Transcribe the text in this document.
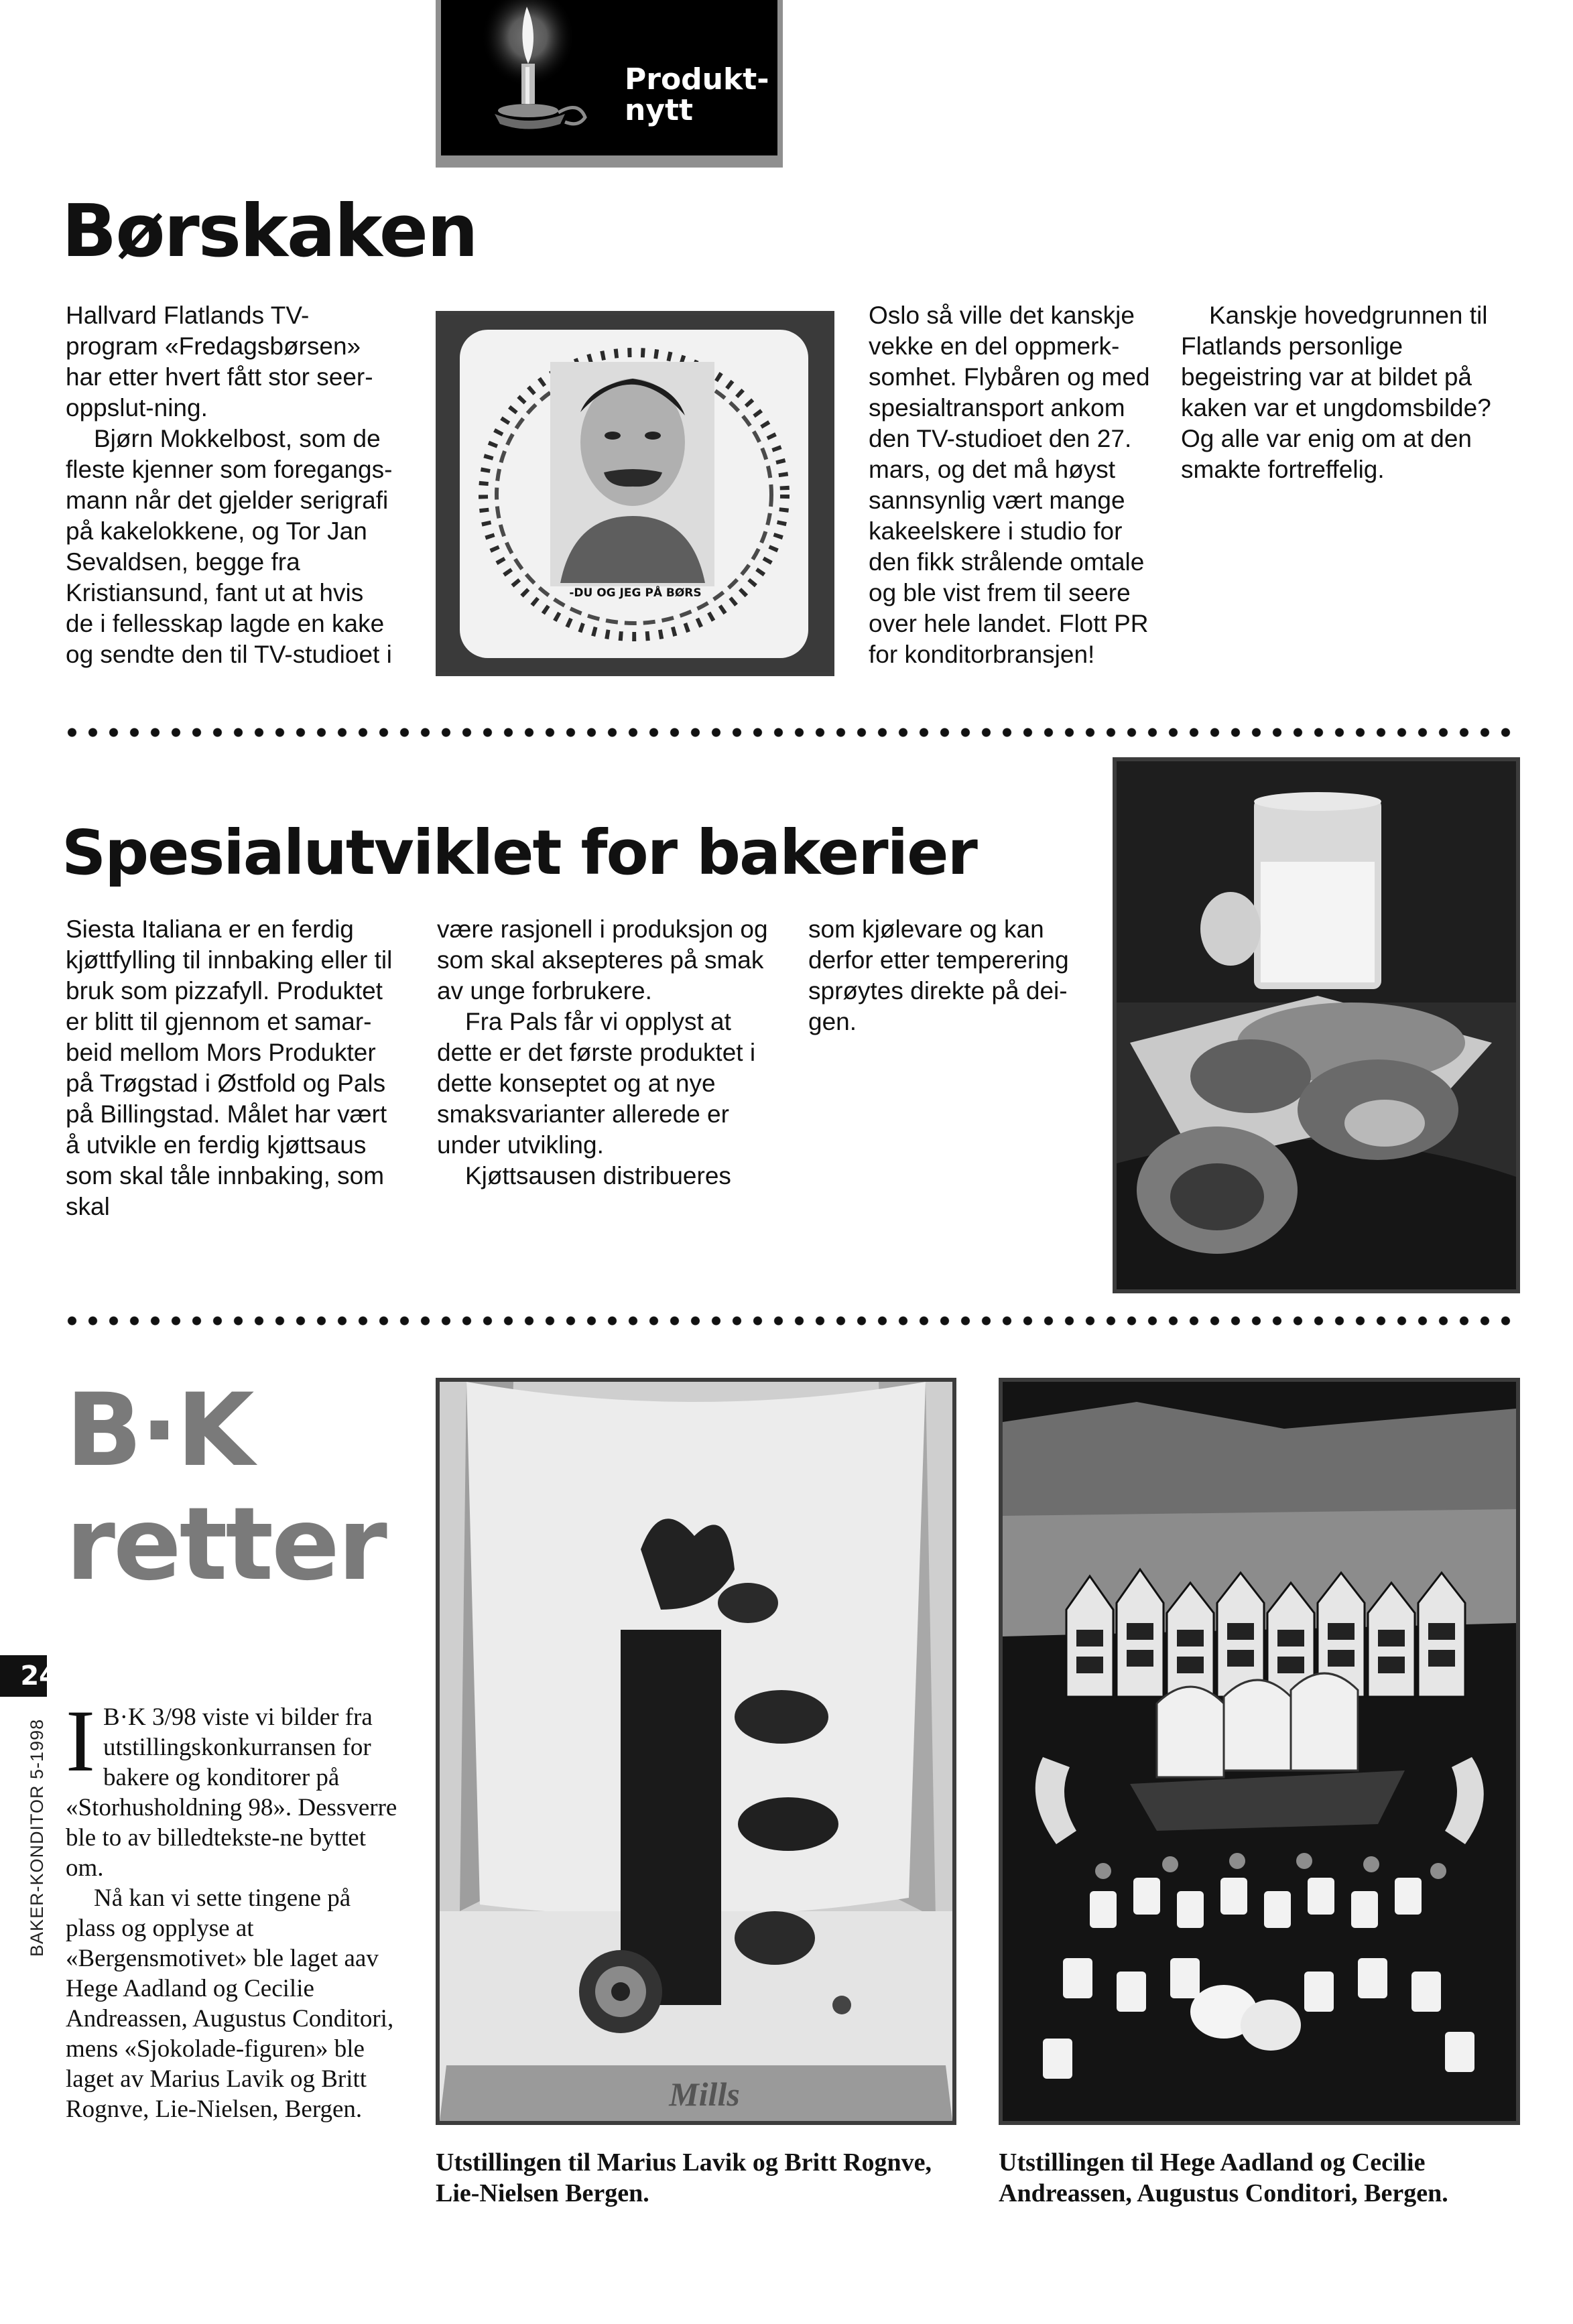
Produkt-
nytt
Børskaken

Hallvard Flatlands TV-program «Fredagsbørsen» har etter hvert fått stor seer-oppslut-ning.

Bjørn Mokkelbost, som de fleste kjenner som foregangs-mann når det gjelder serigrafi på kakelokkene, og Tor Jan Sevaldsen, begge fra Kristiansund, fant ut at hvis de i fellesskap lagde en kake og sendte den til TV-studioet i

-DU OG JEG PÅ BØRS

Oslo så ville det kanskje vekke en del oppmerk-somhet. Flybåren og med spesialtransport ankom den TV-studioet den 27. mars, og det må høyst sannsynlig vært mange kakeelskere i studio for den fikk strålende omtale og ble vist frem til seere over hele landet. Flott PR for konditorbransjen!

Kanskje hovedgrunnen til Flatlands personlige begeistring var at bildet på kaken var et ungdomsbilde? Og alle var enig om at den smakte fortreffelig.

Spesialutviklet for bakerier

Siesta Italiana er en ferdig kjøttfylling til innbaking eller til bruk som pizzafyll. Produktet er blitt til gjennom et samar-beid mellom Mors Produkter på Trøgstad i Østfold og Pals på Billingstad. Målet har vært å utvikle en ferdig kjøttsaus som skal tåle innbaking, som skal

være rasjonell i produksjon og som skal aksepteres på smak av unge forbrukere.

Fra Pals får vi opplyst at dette er det første produktet i dette konseptet og at nye smaksvarianter allerede er under utvikling.

Kjøttsausen distribueres

som kjølevare og kan derfor etter temperering sprøytes direkte på dei-gen.

B·K
retter

I B·K 3/98 viste vi bilder fra utstillingskonkurransen for bakere og konditorer på «Storhusholdning 98». Dessverre ble to av billedtekste-ne byttet om.

Nå kan vi sette tingene på plass og opplyse at «Bergensmotivet» ble laget aav Hege Aadland og Cecilie Andreassen, Augustus Conditori, mens «Sjokolade-figuren» ble laget av Marius Lavik og Britt Rognve, Lie-Nielsen, Bergen.	Mills
Utstillingen til Marius Lavik og Britt Rognve, Lie-Nielsen Bergen.
Utstillingen til Hege Aadland og Cecilie Andreassen, Augustus Conditori, Bergen.
24
BAKER-KONDITOR 5-1998
